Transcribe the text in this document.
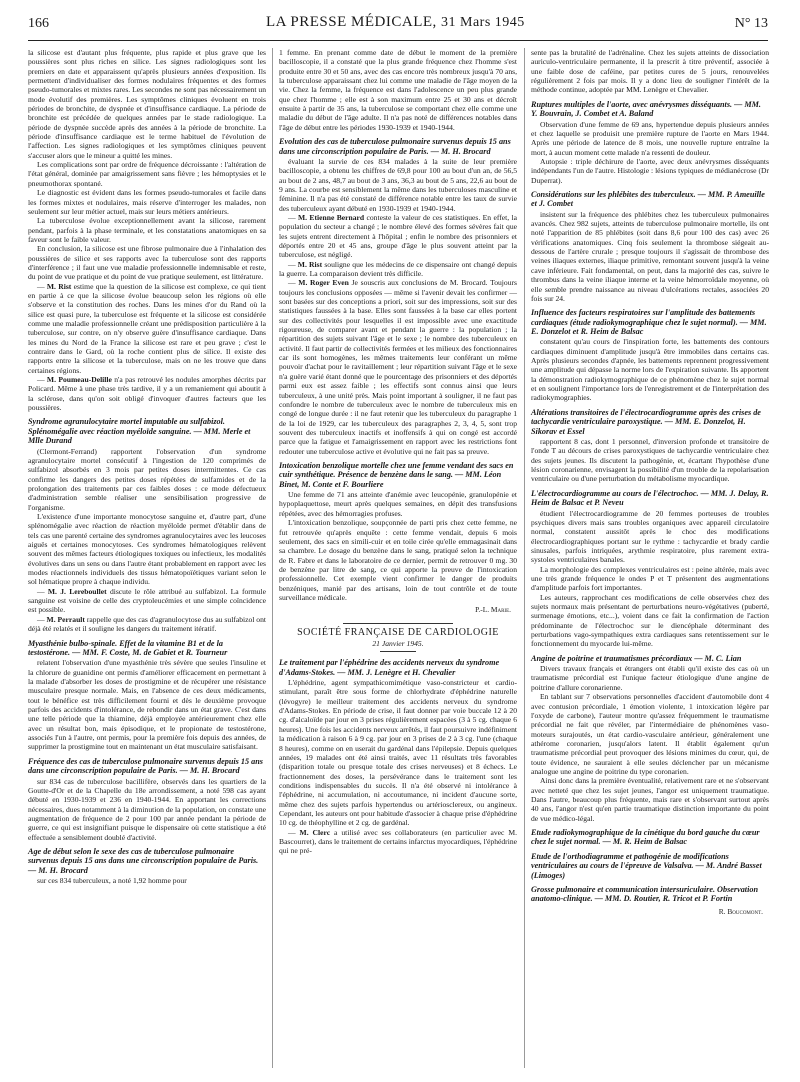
166	LA PRESSE MÉDICALE, 31 Mars 1945	N° 13

la silicose est d'autant plus fréquente, plus rapide et plus grave que les poussières sont plus riches en silice. Les signes radiologiques sont les premiers en date et apparaissent qu'après plusieurs années d'exposition. Ils permettent d'individualiser des formes nodulaires fréquentes et des formes pseudo-tumorales et mixtes rares. Les secondes ne sont pas nécessairement un mode évolutif des premières. Les symptômes cliniques évoluent en trois périodes de bronchite, de dyspnée et d'insuffisance cardiaque. La période de bronchite est précédée de quelques années par le stade radiologique. La période de dyspnée succède après des années à la période de bronchite. La période d'insuffisance cardiaque est le terme habituel de l'évolution de l'affection. Les signes radiologiques et les symptômes cliniques peuvent s'accuser alors que le mineur a quitté les mines.

Les complications sont par ordre de fréquence décroissante : l'altération de l'état général, dominée par amaigrissement sans fièvre ; les hémoptysies et le pneumothorax spontané.

Le diagnostic est évident dans les formes pseudo-tumorales et facile dans les formes mixtes et nodulaires, mais réserve d'interroger les malades, non seulement sur leur métier actuel, mais sur leurs métiers antérieurs.

La tuberculose évolue exceptionnellement avant la silicose, rarement pendant, parfois à la phase terminale, et les constatations anatomiques en sa faveur sont le faible valeur.

En conclusion, la silicose est une fibrose pulmonaire due à l'inhalation des poussières de silice et ses rapports avec la tuberculose sont des rapports d'interférence ; il faut une vue maladie professionnelle indemnisable et reste, du point de vue pratique et du point de vue pratique seulement, est littérature.

— M. Rist estime que la question de la silicose est complexe, ce qui tient en partie à ce que la silicose évolue beaucoup selon les régions où elle s'observe et la constitution des roches. Dans les mines d'or du Rand où la silice est quasi pure, la tuberculose est fréquente et la silicose est considérée comme une maladie professionnelle créant une prédisposition particulière à la tuberculose, sur contre, on n'y observe guère d'insuffisance cardiaque. Dans les mines du Nord de la France la silicose est rare et peu grave ; c'est le contraire dans le Gard, où la roche contient plus de silice. Il existe des rapports entre la silicose et la tuberculose, mais on ne les trouve que dans certaines régions.

— M. Poumeau-Delille n'a pas retrouvé les nodules amorphes décrits par Policard. Même à une phase très tardive, il y a un remaniement qui aboutit à la sclérose, dans qu'on soit obligé d'invoquer d'autres facteurs que les poussières.

Syndrome agranulocytaire mortel imputable au sulfabizol. Splénomégalie avec réaction myéloïde sanguine. — MM. Merle et Mlle Durand

(Clermont-Ferrand) rapportent l'observation d'un syndrome agranulocytaire mortel consécutif à l'ingestion de 120 comprimés de sulfabizol absorbés en 3 mois par petites doses intermittentes. Ce cas confirme les dangers des petites doses répétées de sulfamides et de la prolongation des traitements par ces faibles doses : ce mode défectueux d'administration semble réaliser une sensibilisation progressive de l'organisme.

L'existence d'une importante monocytose sanguine et, d'autre part, d'une splénomégalie avec réaction de réaction myéloïde permet d'établir dans de tels cas une parenté certaine des syndromes agranulocytaires avec les leucoses aiguës et certaines monocytoses. Ces syndromes hématologiques relèvent souvent des mêmes facteurs étiologiques toxiques ou infectieux, les modalités évolutives dans un sens ou dans l'autre étant probablement en rapport avec les modes réactionnels individuels des tissus hématopoïétiques variant selon le sol hématique propre à chaque individu.

— M. J. Lereboullet discute le rôle attribué au sulfabizol. La formule sanguine est voisine de celle des cryptoleucémies et une simple coïncidence est possible.

— M. Perrault rappelle que des cas d'agranulocytose dus au sulfabizol ont déjà été relatés et il souligne les dangers du traitement itératif.

Myasthénie bulbo-spinale. Effet de la vitamine B1 et de la testostérone. — MM. F. Coste, M. de Gabiet et R. Tourneur

relatent l'observation d'une myasthénie très sévère que seules l'insuline et la chlorure de guanidine ont permis d'améliorer efficacement en permettant à la malade d'absorber les doses de prostigmine et de récupérer une résistance musculaire presque normale. Mais, en l'absence de ces deux médicaments, tout le bénéfice est très difficilement fourni et dès le deuxième provoque parfois des accidents d'intolérance, de rebondir dans un état grave. C'est dans une telle période que la thiamine, déjà employée antérieurement chez elle avec un résultat bon, mais épisodique, et le propionate de testostérone, associés l'un à l'autre, ont permis, pour la première fois depuis des années, de supprimer la prostigmine tout en maintenant un état musculaire satisfaisant.

Fréquence des cas de tuberculose pulmonaire survenus depuis 15 ans dans une circonscription populaire de Paris. — M. H. Brocard

sur 834 cas de tuberculose bacillifère, observés dans les quartiers de la Goutte-d'Or et de la Chapelle du 18e arrondissement, a noté 598 cas ayant débuté en 1930-1939 et 236 en 1940-1944. En apportant les corrections nécessaires, dues notamment à la diminution de la population, on constate une augmentation de fréquence de 2 pour 100 par année pendant la période de guerre, ce qui est insignifiant puisque le dispensaire où cette statistique a été effectuée a sensiblement doublé d'activité.

Age de début selon le sexe des cas de tuberculose pulmonaire survenus depuis 15 ans dans une circonscription populaire de Paris. — M. H. Brocard

sur ces 834 tuberculeux, a noté 1,92 homme pour

1 femme. En prenant comme date de début le moment de la première bacilloscopie, il a constaté que la plus grande fréquence chez l'homme s'est produite entre 30 et 50 ans, avec des cas encore très nombreux jusqu'à 70 ans, la tuberculose apparaissant chez lui comme une maladie de l'âge moyen de la vie. Chez la femme, la fréquence est dans l'adolescence un peu plus grande que chez l'homme ; elle est à son maximum entre 25 et 30 ans et décroît ensuite à partir de 35 ans, la tuberculose se comportant chez elle comme une maladie du début de l'âge adulte. Il n'a pas noté de différences notables dans l'âge de début entre les périodes 1930-1939 et 1940-1944.

Evolution des cas de tuberculose pulmonaire survenus depuis 15 ans dans une circonscription populaire de Paris. — M. H. Brocard

évaluant la survie de ces 834 malades à la suite de leur première bacilloscopie, a obtenu les chiffres de 69,8 pour 100 au bout d'un an, de 56,5 au bout de 2 ans, 48,7 au bout de 3 ans, 36,3 au bout de 5 ans, 22,6 au bout de 9 ans. La courbe est sensiblement la même dans les tuberculoses masculine et féminine. Il n'a pas été constaté de différence notable entre les taux de survie des tuberculeux ayant débuté en 1930-1939 et 1940-1944.

— M. Etienne Bernard conteste la valeur de ces statistiques. En effet, la population du secteur a changé ; le nombre élevé des formes sévères fait que les sujets entrent directement à l'hôpital ; enfin le nombre des prisonniers et déportés entre 20 et 45 ans, groupe d'âge le plus souvent atteint par la tuberculose, est négligé.

— M. Rist souligne que les médecins de ce dispensaire ont changé depuis la guerre. La comparaison devient très difficile.

— M. Roger Even Je souscris aux conclusions de M. Brocard. Toujours toujours les conclusions opposées — même si l'avenir devait les confirmer — sont basées sur des conceptions a priori, soit sur des impressions, soit sur des statistiques faussées à la base. Elles sont faussées à la base car elles portent sur des collectivités pour lesquelles il est impossible avec une exactitude rigoureuse, de comparer avant et pendant la guerre : la population ; la répartition des sujets suivant l'âge et le sexe ; le nombre des tuberculeux en activité. Il faut partir de collectivités fermées et les milieux des fonctionnaires car ils sont homogènes, les mêmes traitements leur conférant un même pouvoir d'achat pour le ravitaillement ; leur répartition suivant l'âge et le sexe n'a guère varié étant donné que le pourcentage des prisonniers et des déportés parmi eux est assez faible ; les effectifs sont connus ainsi que leurs tuberculeux, à une unité près. Mais point important à souligner, il ne faut pas confondre le nombre de tuberculeux avec le nombre de tuberculeux mis en congé de longue durée : il ne faut retenir que les tuberculeux du paragraphe 1 de la loi de 1929, car les tuberculeux des paragraphes 2, 3, 4, 5, sont trop souvent des tuberculeux inactifs et inoffensifs à qui on congé est accordé parce que la fatigue et l'amaigrissement en rapport avec les restrictions font redouter une tuberculose active et évolutive qui ne fait pas sa preuve.

Intoxication benzolique mortelle chez une femme vendant des sacs en cuir synthétique. Présence de benzène dans le sang. — MM. Léon Binet, M. Conte et F. Bourliere

Une femme de 71 ans atteinte d'anémie avec leucopénie, granulopénie et hypoplaquettose, meurt après quelques semaines, en dépit des transfusions répétées, avec des hémorragies profuses.

L'intoxication benzolique, soupçonnée de parti pris chez cette femme, ne fut retrouvée qu'après enquête : cette femme vendait, depuis 6 mois seulement, des sacs en simili-cuir et en toile cirée qu'elle emmagasinait dans sa chambre. Le dosage du benzène dans le sang, pratiqué selon la technique de R. Fabre et dans le laboratoire de ce dernier, permit de retrouver 0 mg. 30 de benzène par litre de sang, ce qui apporte la preuve de l'intoxication professionnelle. Cet exemple vient confirmer le danger de produits benzéniques, manié par des artisans, loin de tout contrôle et de toute surveillance médicale.

P.-L. Marie.
SOCIÉTÉ FRANÇAISE DE CARDIOLOGIE
21 Janvier 1945.
Le traitement par l'éphédrine des accidents nerveux du syndrome d'Adams-Stokes. — MM. J. Lenègre et H. Chevalier

L'éphédrine, agent sympathicomimétique vaso-constricteur et cardio-stimulant, paraît être sous forme de chlorhydrate d'éphédrine naturelle (lévogyre) le meilleur traitement des accidents nerveux du syndrome d'Adams-Stokes. En période de crise, il faut donner par voie buccale 12 à 20 cg. d'alcaloïde par jour en 3 prises régulièrement espacées (3 à 5 cg. chaque 6 heures). Une fois les accidents nerveux arrêtés, il faut poursuivre indéfiniment la médication à raison 6 à 9 cg. par jour en 3 prises de 2 à 3 cg. l'une (chaque 8 heures), comme on en userait du gardénal dans l'épilepsie. Depuis quelques années, 19 malades ont été ainsi traités, avec 11 résultats très favorables (disparition totale ou presque totale des crises nerveuses) et 8 échecs. Le fractionnement des doses, la persévérance dans le traitement sont les conditions indispensables du succès. Il n'a été observé ni intolérance à l'éphédrine, ni accumulation, ni accoutumance, ni incident d'aucune sorte, même chez des sujets parfois hypertendus ou artériosclereux, ou angineux. Cependant, les auteurs ont pour habitude d'associer à chaque prise d'éphédrine 10 cg. de théophylline et 2 cg. de gardénal.

— M. Clerc a utilisé avec ses collaborateurs (en particulier avec M. Bascourret), dans le traitement de certains infarctus myocardiques, l'éphédrine qui ne pré-

sente pas la brutalité de l'adrénaline. Chez les sujets atteints de dissociation auriculo-ventriculaire permanente, il la prescrit à titre préventif, associée à une faible dose de caféine, par petites cures de 5 jours, renouvelées régulièrement 2 fois par mois. Il y a donc lieu de souligner l'intérêt de la méthode continue, adoptée par MM. Lenègre et Chevalier.

Ruptures multiples de l'aorte, avec anévrysmes disséquants. — MM. Y. Bouvrain, J. Combet et A. Baland

Observation d'une femme de 69 ans, hypertendue depuis plusieurs années et chez laquelle se produisit une première rupture de l'aorte en Mars 1944. Après une période de latence de 8 mois, une nouvelle rupture entraîne la mort, à aucun moment cette malade n'a ressenti de douleur.

Autopsie : triple déchirure de l'aorte, avec deux anévrysmes disséquants indépendants l'un de l'autre. Histologie : lésions typiques de médianécrose (Dr Duperrat).

Considérations sur les phlébites des tuberculeux. — MM. P. Ameuille et J. Combet

insistent sur la fréquence des phlébites chez les tuberculeux pulmonaires avancés. Chez 982 sujets, atteints de tuberculose pulmonaire mortelle, ils ont noté l'apparition de 85 phlébites (soit dans 8,6 pour 100 des cas) avec 26 vérifications anatomiques. Cinq fois seulement la thrombose siégeait au-dessous de l'artère crurale ; presque toujours il s'agissait de thrombose des veines iliaques externes, iliaque primitive, remontant souvent jusqu'à la veine cave inférieure. Fait fondamental, on peut, dans la majorité des cas, suivre le thrombus dans la veine iliaque interne et la veine hémorroïdale moyenne, où elle semble prendre naissance au niveau d'ulcérations rectales, associées 20 fois sur 24.

Influence des facteurs respiratoires sur l'amplitude des battements cardiaques (étude radiokymographique chez le sujet normal). — MM. E. Donzelot et R. Heim de Balsac

constatent qu'au cours de l'inspiration forte, les battements des contours cardiaques diminuent d'amplitude jusqu'à être immobiles dans certains cas. Après plusieurs secondes d'apnée, les battements reprennent progressivement une amplitude qui dépasse la norme lors de l'expiration suivante. Ils apportent la démonstration radiokymographique de ce phénomène chez le sujet normal et en soulignent l'importance lors de l'enregistrement et de l'interprétation des radiokymographies.

Altérations transitoires de l'électrocardiogramme après des crises de tachycardie ventriculaire paroxystique. — MM. E. Donzelot, H. Sikorav et Essel

rapportent 8 cas, dont 1 personnel, d'inversion profonde et transitoire de l'onde T au décours de crises paroxystiques de tachycardie ventriculaire chez des sujets jeunes. Ils discutent la pathogénie, et, écartant l'hypothèse d'une lésion coronarienne, envisagent la possibilité d'un trouble de la repolarisation ventriculaire ou d'une perturbation du métabolisme myocardique.

L'électrocardiogramme au cours de l'électrochoc. — MM. J. Delay, R. Heim de Balsac et P. Neveu

étudient l'électrocardiogramme de 20 femmes porteuses de troubles psychiques divers mais sans troubles organiques avec appareil circulatoire normal, constatent aussitôt après le choc des modifications électrocardiographiques portant sur le rythme : tachycardie et brady cardie sinusales, parfois intriquées, arythmie respiratoire, plus rarement extra-systoles ventriculaires banales.

La morphologie des complexes ventriculaires est : peine altérée, mais avec une très grande fréquence le ondes P et T présentent des augmentations d'amplitude parfois fort importantes.

Les auteurs, rapprochant ces modifications de celle observées chez des sujets normaux mais présentant de perturbations neuro-végétatives (puberté, surmenage émotions, etc...), voient dans ce fait la confirmation de l'action prédominante de l'électrochoc sur le diencéphale déterminant des perturbations vago-sympathiques extra cardiaques sans retentissement sur le fonctionnement du myocarde lui-même.

Angine de poitrine et traumatismes précordiaux — M. C. Lian

Divers travaux français et étrangers ont établi qu'il existe des cas où un traumatisme précordial est l'unique facteur étiologique d'une angine de poitrine d'allure coronarienne.

En tablant sur 7 observations personnelles d'accident d'automobile dont 4 avec contusion précordiale, 1 émotion violente, 1 intoxication légère par l'oxyde de carbone), l'auteur montre qu'assez fréquemment le traumatisme précordial ne fait que révéler, par l'intermédiaire de phénomènes vaso-moteurs surajoutés, un état cardio-vasculaire antérieur, généralement une athérome coronarien, jusqu'alors latent. Il établit également qu'un traumatisme précordial peut provoquer des lésions minimes du cœur, qui, de toute évidence, ne sauraient à elle seules déclencher par un mécanisme analogue une angine de poitrine du type coronarien.

Ainsi donc dans la première éventualité, relativement rare et ne s'observant avec netteté que chez les sujet jeunes, l'angor est uniquement traumatique. Dans l'autre, beaucoup plus fréquente, mais rare et s'observant surtout après 40 ans, l'angor n'est qu'en partie traumatique distinction importante du point de vue médico-légal.

Etude radiokymographique de la cinétique du bord gauche du cœur chez le sujet normal. — M. R. Heim de Balsac
Etude de l'orthodiagramme et pathogénie de modifications ventriculaires au cours de l'épreuve de Valsalva. — M. André Basset (Limoges)
Grosse pulmonaire et communication intersuriculaire. Observation anatomo-clinique. — MM. D. Routier, R. Tricot et P. Fortin
R. Boucomont.
